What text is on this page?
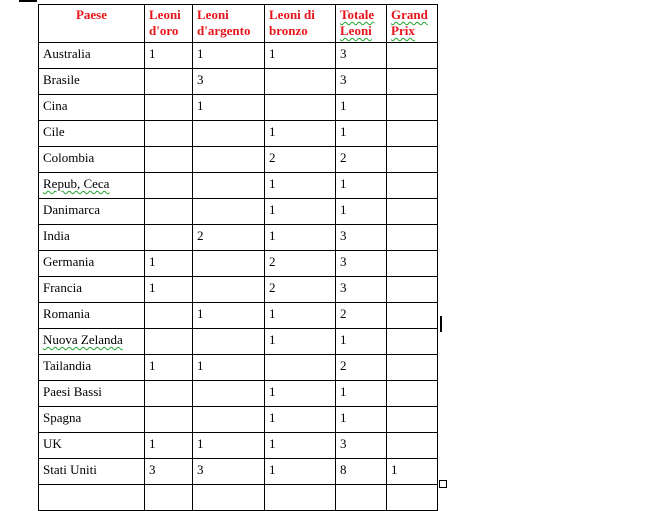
Paese	Leoni d'oro	Leoni d'argento	Leoni di bronzo	Totale Leoni	Grand Prix
Australia	1	1	1	3	
Brasile		3		3	
Cina		1		1	
Cile			1	1	
Colombia			2	2	
Repub, Ceca			1	1	
Danimarca			1	1	
India		2	1	3	
Germania	1		2	3	
Francia	1		2	3	
Romania		1	1	2	
Nuova Zelanda			1	1	
Tailandia	1	1		2	
Paesi Bassi			1	1	
Spagna			1	1	
UK	1	1	1	3	
Stati Uniti	3	3	1	8	1
